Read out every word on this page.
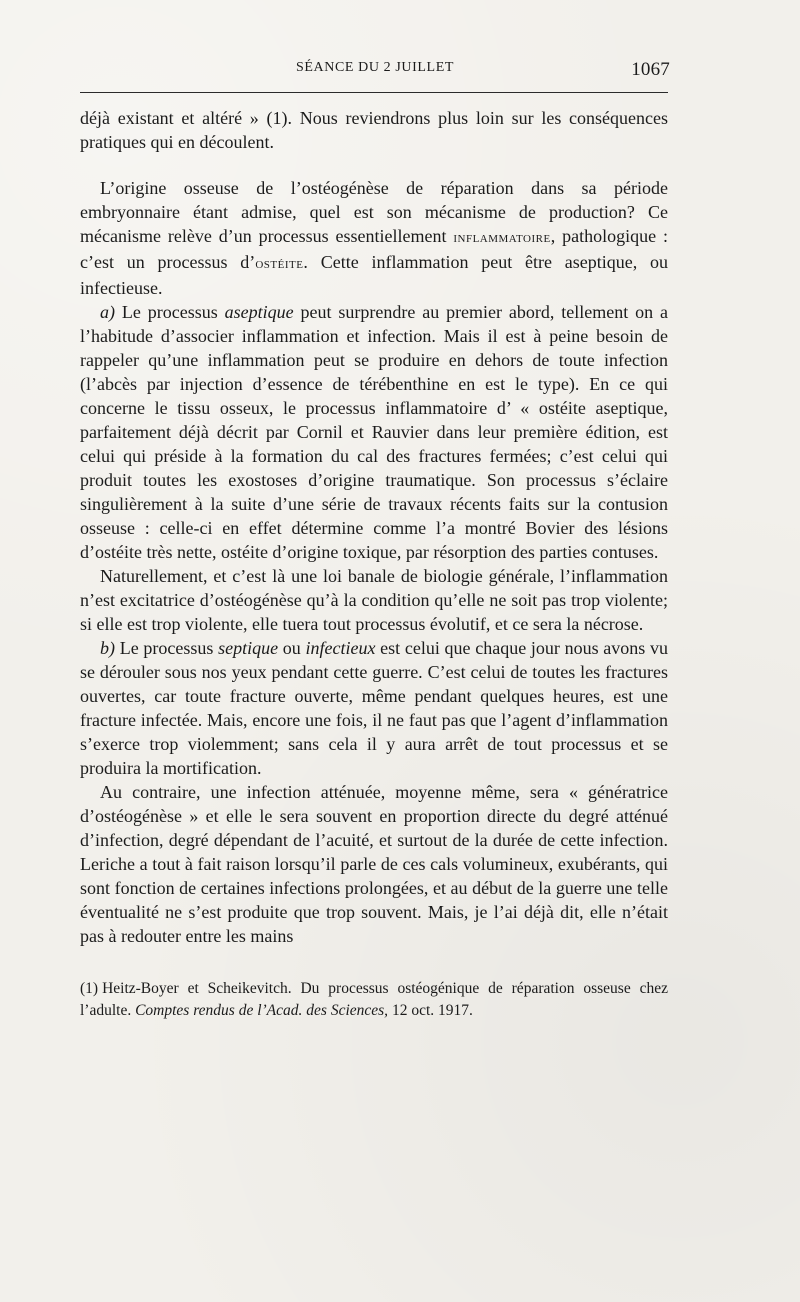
SÉANCE DU 2 JUILLET	1067

déjà existant et altéré » (1). Nous reviendrons plus loin sur les conséquences pratiques qui en découlent.

L’origine osseuse de l’ostéogénèse de réparation dans sa période embryonnaire étant admise, quel est son mécanisme de production? Ce mécanisme relève d’un processus essentiellement inflammatoire, pathologique : c’est un processus d’ostéite. Cette inflammation peut être aseptique, ou infectieuse.

a) Le processus aseptique peut surprendre au premier abord, tellement on a l’habitude d’associer inflammation et infection. Mais il est à peine besoin de rappeler qu’une inflammation peut se produire en dehors de toute infection (l’abcès par injection d’essence de térébenthine en est le type). En ce qui concerne le tissu osseux, le processus inflammatoire d’ « ostéite aseptique, parfaitement déjà décrit par Cornil et Rauvier dans leur première édition, est celui qui préside à la formation du cal des fractures fermées; c’est celui qui produit toutes les exostoses d’origine traumatique. Son processus s’éclaire singulièrement à la suite d’une série de travaux récents faits sur la contusion osseuse : celle-ci en effet détermine comme l’a montré Bovier des lésions d’ostéite très nette, ostéite d’origine toxique, par résorption des parties contuses.

Naturellement, et c’est là une loi banale de biologie générale, l’inflammation n’est excitatrice d’ostéogénèse qu’à la condition qu’elle ne soit pas trop violente; si elle est trop violente, elle tuera tout processus évolutif, et ce sera la nécrose.

b) Le processus septique ou infectieux est celui que chaque jour nous avons vu se dérouler sous nos yeux pendant cette guerre. C’est celui de toutes les fractures ouvertes, car toute fracture ouverte, même pendant quelques heures, est une fracture infectée. Mais, encore une fois, il ne faut pas que l’agent d’inflammation s’exerce trop violemment; sans cela il y aura arrêt de tout processus et se produira la mortification.

Au contraire, une infection atténuée, moyenne même, sera « génératrice d’ostéogénèse » et elle le sera souvent en proportion directe du degré atténué d’infection, degré dépendant de l’acuité, et surtout de la durée de cette infection. Leriche a tout à fait raison lorsqu’il parle de ces cals volumineux, exubérants, qui sont fonction de certaines infections prolongées, et au début de la guerre une telle éventualité ne s’est produite que trop souvent. Mais, je l’ai déjà dit, elle n’était pas à redouter entre les mains

(1) Heitz-Boyer et Scheikevitch. Du processus ostéogénique de réparation osseuse chez l’adulte. Comptes rendus de l’Acad. des Sciences, 12 oct. 1917.
